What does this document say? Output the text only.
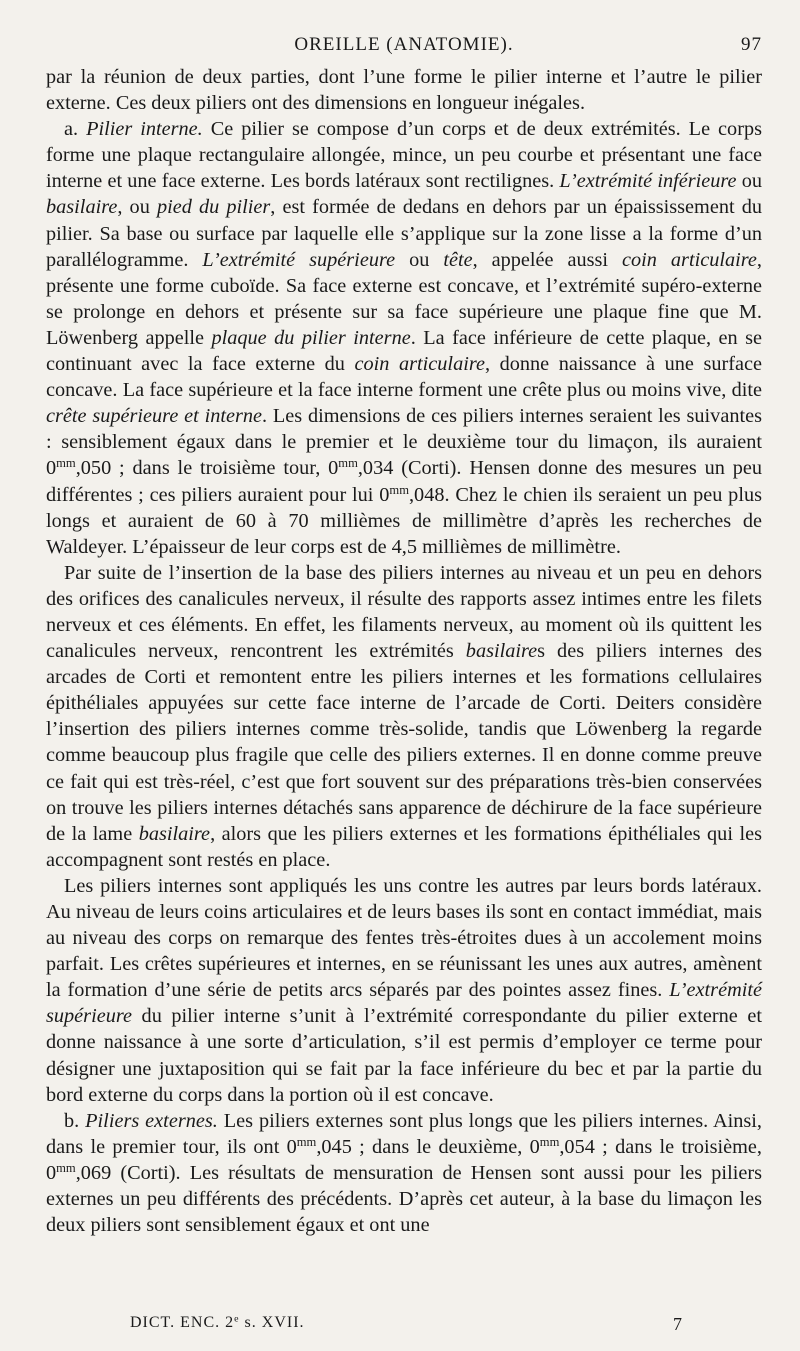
OREILLE (ANATOMIE).	97

par la réunion de deux parties, dont l’une forme le pilier interne et l’autre le pilier externe. Ces deux piliers ont des dimensions en longueur inégales.

a. Pilier interne. Ce pilier se compose d’un corps et de deux extrémités. Le corps forme une plaque rectangulaire allongée, mince, un peu courbe et présentant une face interne et une face externe. Les bords latéraux sont rectilignes. L’extrémité inférieure ou basilaire, ou pied du pilier, est formée de dedans en dehors par un épaississement du pilier. Sa base ou surface par laquelle elle s’applique sur la zone lisse a la forme d’un parallélogramme. L’extrémité supérieure ou tête, appelée aussi coin articulaire, présente une forme cuboïde. Sa face externe est concave, et l’extrémité supéro-externe se prolonge en dehors et présente sur sa face supérieure une plaque fine que M. Löwenberg appelle plaque du pilier interne. La face inférieure de cette plaque, en se continuant avec la face externe du coin articulaire, donne naissance à une surface concave. La face supérieure et la face interne forment une crête plus ou moins vive, dite crête supérieure et interne. Les dimensions de ces piliers internes seraient les suivantes : sensiblement égaux dans le premier et le deuxième tour du limaçon, ils auraient $0^{mm},050$ ; dans le troisième tour, $0^{mm},034$ (Corti). Hensen donne des mesures un peu différentes ; ces piliers auraient pour lui $0^{mm},048$. Chez le chien ils seraient un peu plus longs et auraient de 60 à 70 millièmes de millimètre d’après les recherches de Waldeyer. L’épaisseur de leur corps est de 4,5 millièmes de millimètre.

Par suite de l’insertion de la base des piliers internes au niveau et un peu en dehors des orifices des canalicules nerveux, il résulte des rapports assez intimes entre les filets nerveux et ces éléments. En effet, les filaments nerveux, au moment où ils quittent les canalicules nerveux, rencontrent les extrémités basilaires des piliers internes des arcades de Corti et remontent entre les piliers internes et les formations cellulaires épithéliales appuyées sur cette face interne de l’arcade de Corti. Deiters considère l’insertion des piliers internes comme très-solide, tandis que Löwenberg la regarde comme beaucoup plus fragile que celle des piliers externes. Il en donne comme preuve ce fait qui est très-réel, c’est que fort souvent sur des préparations très-bien conservées on trouve les piliers internes détachés sans apparence de déchirure de la face supérieure de la lame basilaire, alors que les piliers externes et les formations épithéliales qui les accompagnent sont restés en place.

Les piliers internes sont appliqués les uns contre les autres par leurs bords latéraux. Au niveau de leurs coins articulaires et de leurs bases ils sont en contact immédiat, mais au niveau des corps on remarque des fentes très-étroites dues à un accolement moins parfait. Les crêtes supérieures et internes, en se réunissant les unes aux autres, amènent la formation d’une série de petits arcs séparés par des pointes assez fines. L’extrémité supérieure du pilier interne s’unit à l’extrémité correspondante du pilier externe et donne naissance à une sorte d’articulation, s’il est permis d’employer ce terme pour désigner une juxtaposition qui se fait par la face inférieure du bec et par la partie du bord externe du corps dans la portion où il est concave.

b. Piliers externes. Les piliers externes sont plus longs que les piliers internes. Ainsi, dans le premier tour, ils ont $0^{mm},045$ ; dans le deuxième, $0^{mm},054$ ; dans le troisième, $0^{mm},069$ (Corti). Les résultats de mensuration de Hensen sont aussi pour les piliers externes un peu différents des précédents. D’après cet auteur, à la base du limaçon les deux piliers sont sensiblement égaux et ont une

DICT. ENC. 2e s. XVII.	7
